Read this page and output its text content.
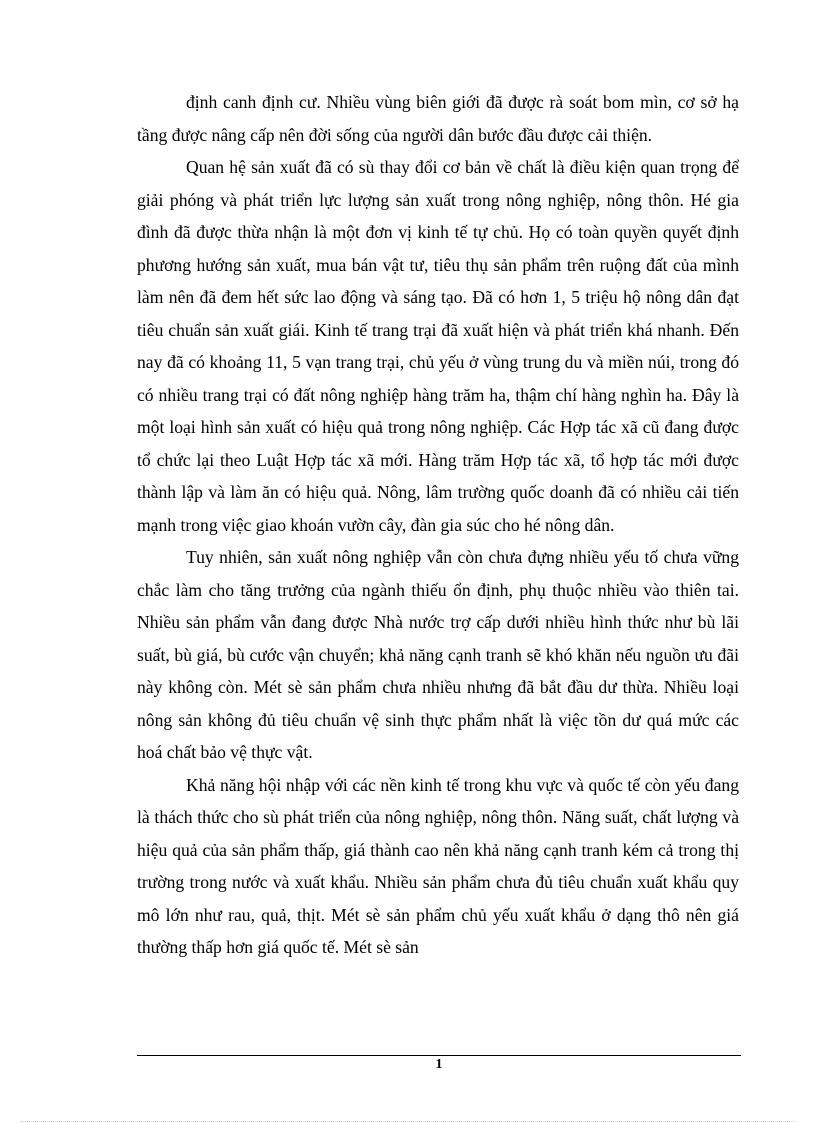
định canh định cư. Nhiều vùng biên giới đã được rà soát bom mìn, cơ sở hạ tầng được nâng cấp nên đời sống của người dân bước đầu được cải thiện.

Quan hệ sản xuất đã có sù thay đổi cơ bản về chất là điều kiện quan trọng để giải phóng và phát triển lực lượng sản xuất trong nông nghiệp, nông thôn. Hé gia đình đã được thừa nhận là một đơn vị kinh tế tự chủ. Họ có toàn quyền quyết định phương hướng sản xuất, mua bán vật tư, tiêu thụ sản phẩm trên ruộng đất của mình làm nên đã đem hết sức lao động và sáng tạo. Đã có hơn 1, 5 triệu hộ nông dân đạt tiêu chuẩn sản xuất giái. Kinh tế trang trại đã xuất hiện và phát triển khá nhanh. Đến nay đã có khoảng 11, 5 vạn trang trại, chủ yếu ở vùng trung du và miền núi, trong đó có nhiều trang trại có đất nông nghiệp hàng trăm ha, thậm chí hàng nghìn ha. Đây là một loại hình sản xuất có hiệu quả trong nông nghiệp. Các Hợp tác xã cũ đang được tổ chức lại theo Luật Hợp tác xã mới. Hàng trăm Hợp tác xã, tổ hợp tác mới được thành lập và làm ăn có hiệu quả. Nông, lâm trường quốc doanh đã có nhiều cải tiến mạnh trong việc giao khoán vườn cây, đàn gia súc cho hé nông dân.

Tuy nhiên, sản xuất nông nghiệp vẫn còn chưa đựng nhiều yếu tố chưa vững chắc làm cho tăng trưởng của ngành thiếu ổn định, phụ thuộc nhiều vào thiên tai. Nhiều sản phẩm vẫn đang được Nhà nước trợ cấp dưới nhiều hình thức như bù lãi suất, bù giá, bù cước vận chuyển; khả năng cạnh tranh sẽ khó khăn nếu nguồn ưu đãi này không còn. Mét sè sản phẩm chưa nhiều nhưng đã bắt đầu dư thừa. Nhiều loại nông sản không đủ tiêu chuẩn vệ sinh thực phẩm nhất là việc tồn dư quá mức các hoá chất bảo vệ thực vật.

Khả năng hội nhập với các nền kinh tế trong khu vực và quốc tế còn yếu đang là thách thức cho sù phát triển của nông nghiệp, nông thôn. Năng suất, chất lượng và hiệu quả của sản phẩm thấp, giá thành cao nên khả năng cạnh tranh kém cả trong thị trường trong nước và xuất khẩu. Nhiều sản phẩm chưa đủ tiêu chuẩn xuất khẩu quy mô lớn như rau, quả, thịt. Mét sè sản phẩm chủ yếu xuất khẩu ở dạng thô nên giá thường thấp hơn giá quốc tế. Mét sè sản

1
